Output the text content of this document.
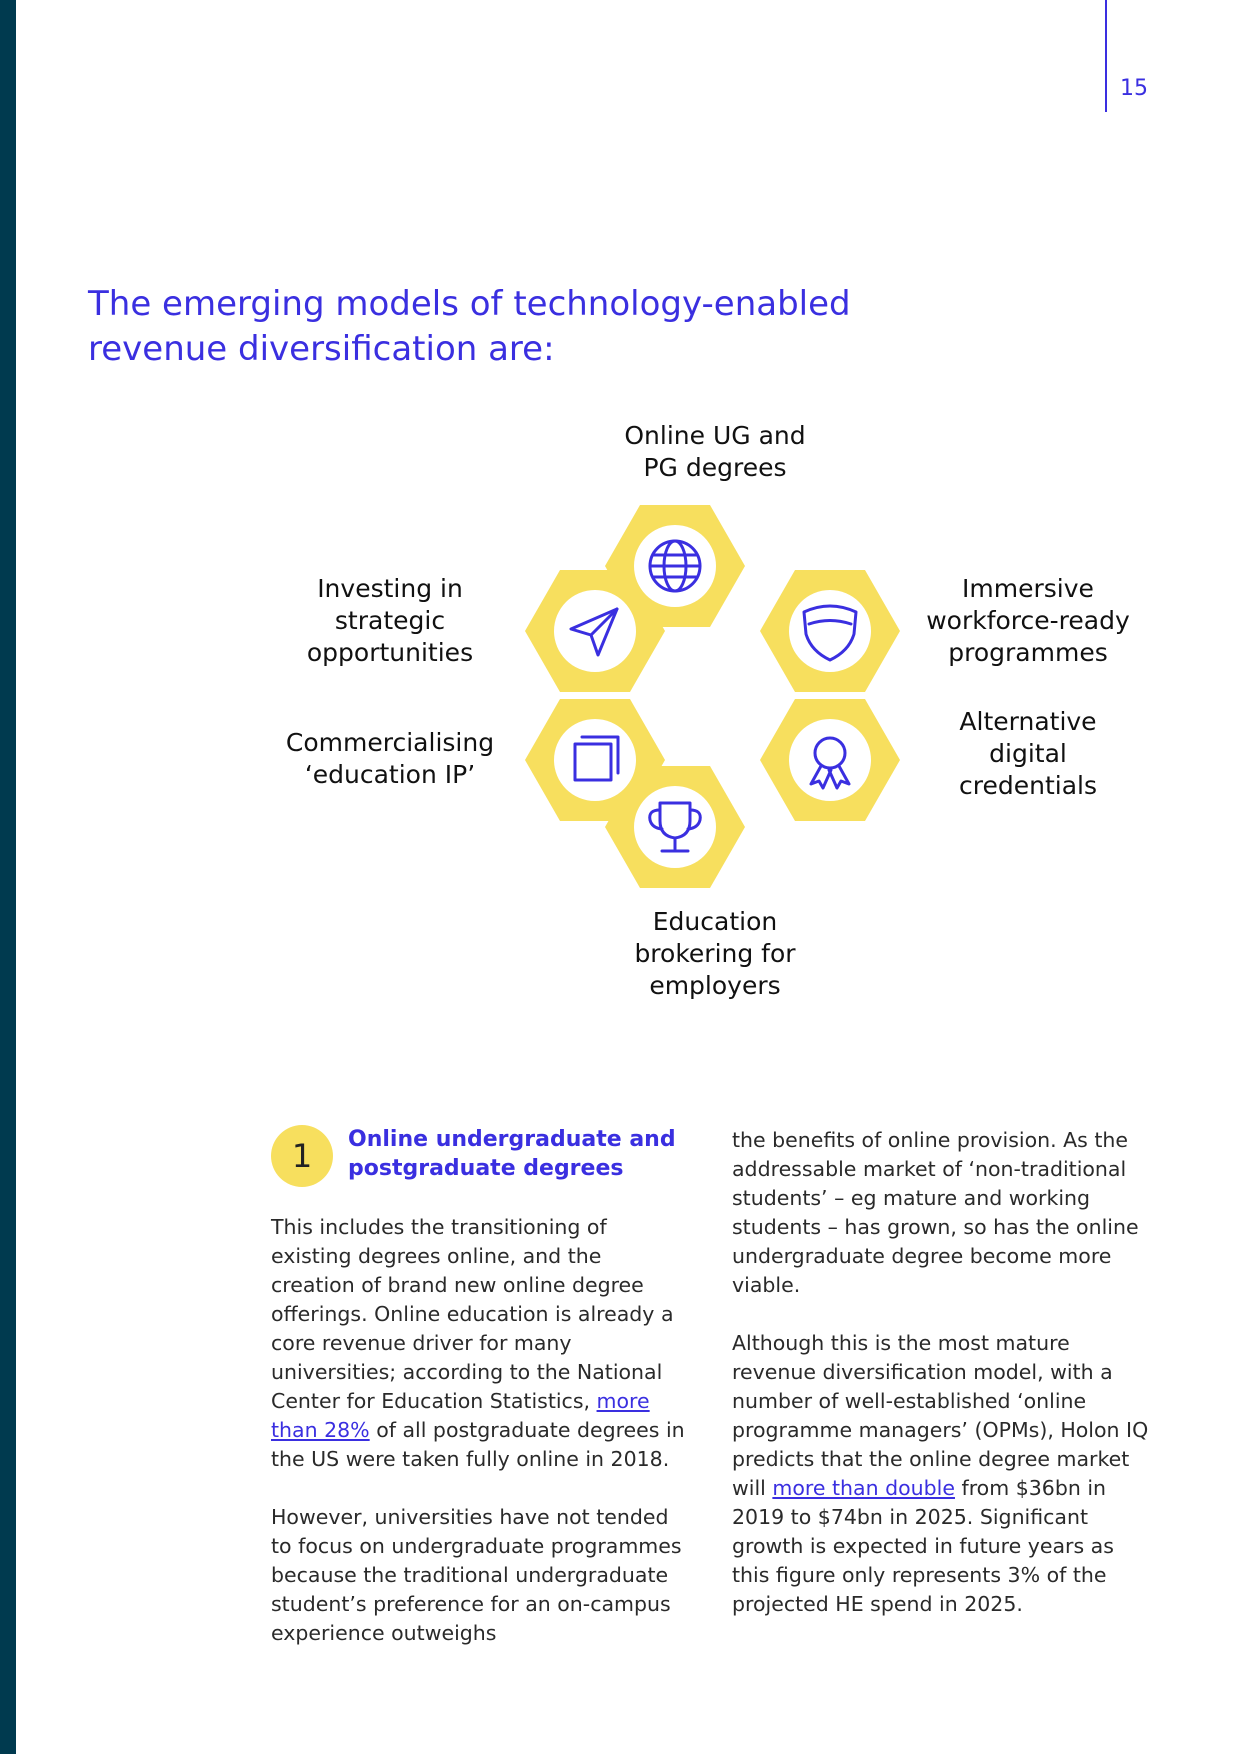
15
The emerging models of technology-enabled revenue diversification are:
Online UG and
PG degrees
Immersive
workforce-ready
programmes
Alternative
digital
credentials
Education
brokering for
employers
Commercialising
‘education IP’
Investing in
strategic
opportunities
1	Online undergraduate and
postgraduate degrees

This includes the transitioning of existing degrees online, and the creation of brand new online degree offerings. Online education is already a core revenue driver for many universities; according to the National Center for Education Statistics, more than 28% of all postgraduate degrees in the US were taken fully online in 2018.

However, universities have not tended to focus on undergraduate programmes because the traditional undergraduate student’s preference for an on-campus experience outweighs

the benefits of online provision. As the addressable market of ‘non-traditional students’ – eg mature and working students – has grown, so has the online undergraduate degree become more viable.

Although this is the most mature revenue diversification model, with a number of well-established ‘online programme managers’ (OPMs), Holon IQ predicts that the online degree market will more than double from $36bn in 2019 to $74bn in 2025. Significant growth is expected in future years as this figure only represents 3% of the projected HE spend in 2025.
